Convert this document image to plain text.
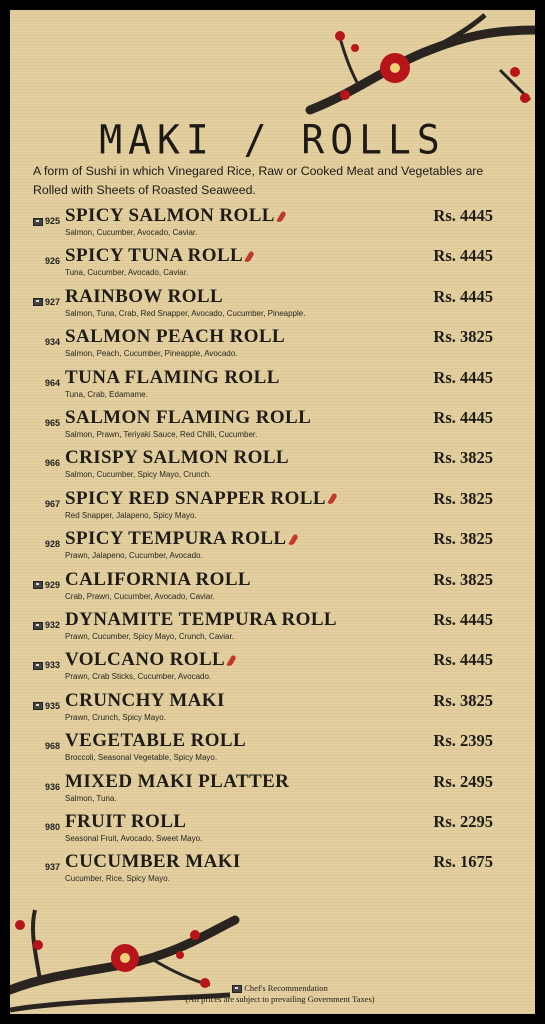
MAKI / ROLLS
A form of Sushi in which Vinegared Rice, Raw or Cooked Meat and Vegetables are Rolled with Sheets of Roasted Seaweed.
925 SPICY SALMON ROLL
Salmon, Cucumber, Avocado, Caviar.
Rs. 4445
926 SPICY TUNA ROLL
Tuna, Cucumber, Avocado, Caviar.
Rs. 4445
927 RAINBOW ROLL
Salmon, Tuna, Crab, Red Snapper, Avocado, Cucumber, Pineapple.
Rs. 4445
934 SALMON PEACH ROLL
Salmon, Peach, Cucumber, Pineapple, Avocado.
Rs. 3825
964 TUNA FLAMING ROLL
Tuna, Crab, Edamame.
Rs. 4445
965 SALMON FLAMING ROLL
Salmon, Prawn, Teriyaki Sauce, Red Chilli, Cucumber.
Rs. 4445
966 CRISPY SALMON ROLL
Salmon, Cucumber, Spicy Mayo, Crunch.
Rs. 3825
967 SPICY RED SNAPPER ROLL
Red Snapper, Jalapeno, Spicy Mayo.
Rs. 3825
928 SPICY TEMPURA ROLL
Prawn, Jalapeno, Cucumber, Avocado.
Rs. 3825
929 CALIFORNIA ROLL
Crab, Prawn, Cucumber, Avocado, Caviar.
Rs. 3825
932 DYNAMITE TEMPURA ROLL
Prawn, Cucumber, Spicy Mayo, Crunch, Caviar.
Rs. 4445
933 VOLCANO ROLL
Prawn, Crab Sticks, Cucumber, Avocado.
Rs. 4445
935 CRUNCHY MAKI
Prawn, Crunch, Spicy Mayo.
Rs. 3825
968 VEGETABLE ROLL
Broccoli, Seasonal Vegetable, Spicy Mayo.
Rs. 2395
936 MIXED MAKI PLATTER
Salmon, Tuna.
Rs. 2495
980 FRUIT ROLL
Seasonal Fruit, Avocado, Sweet Mayo.
Rs. 2295
937 CUCUMBER MAKI
Cucumber, Rice, Spicy Mayo.
Rs. 1675
Chef's Recommendation
(All prices are subject to prevailing Government Taxes)
